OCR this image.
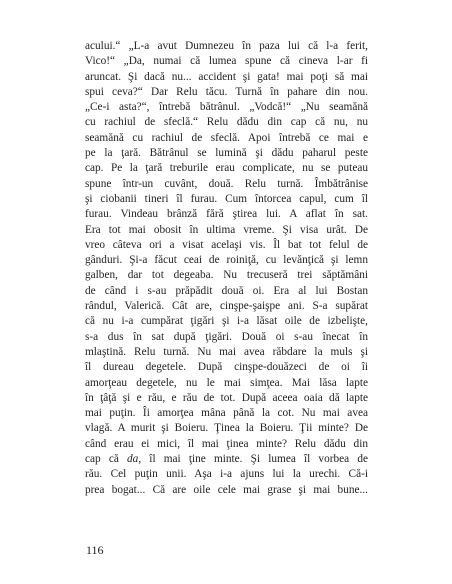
acului.“ „L-a avut Dumnezeu în paza lui că l-a ferit,
Vico!“ „Da, numai că lumea spune că cineva l-ar fi
aruncat. Şi dacă nu... accident şi gata! mai poţi să mai
spui ceva?“ Dar Relu tăcu. Turnă în pahare din nou.
„Ce-i asta?“, întrebă bătrânul. „Vodcă!“ „Nu seamănă
cu rachiul de sfeclă.“ Relu dădu din cap că nu, nu
seamănă cu rachiul de sfeclă. Apoi întrebă ce mai e
pe la ţară. Bătrânul se lumină şi dădu paharul peste
cap. Pe la ţară treburile erau complicate, nu se puteau
spune într-un cuvânt, două. Relu turnă. Îmbătrânise
şi ciobanii tineri îl furau. Cum întorcea capul, cum îl
furau. Vindeau brânză fără ştirea lui. A aflat în sat.
Era tot mai obosit în ultima vreme. Şi visa urât. De
vreo câteva ori a visat acelaşi vis. Îl bat tot felul de
gânduri. Şi-a făcut ceai de roiniţă, cu levănţică şi lemn
galben, dar tot degeaba. Nu trecuseră trei săptămâni
de când i s-au prăpădit două oi. Era al lui Bostan
rândul, Valerică. Cât are, cinşpe-şaişpe ani. S-a supărat
că nu i-a cumpărat ţigări şi i-a lăsat oile de izbelişte,
s-a dus în sat după ţigări. Două oi s-au înecat în
mlaştină. Relu turnă. Nu mai avea răbdare la muls şi
îl dureau degetele. După cinşpe-douăzeci de oi îi
amorţeau degetele, nu le mai simţea. Mai lăsa lapte
în ţâţă şi e rău, e rău de tot. După aceea oaia dă lapte
mai puţin. Îi amorţea mâna până la cot. Nu mai avea
vlagă. A murit şi Boieru. Ţinea la Boieru. Ţii minte? De
când erau ei mici, îl mai ţinea minte? Relu dădu din
cap că da, îl mai ţine minte. Şi lumea îl vorbea de
rău. Cel puţin unii. Aşa i-a ajuns lui la urechi. Că-i
prea bogat... Că are oile cele mai grase şi mai bune...
116
